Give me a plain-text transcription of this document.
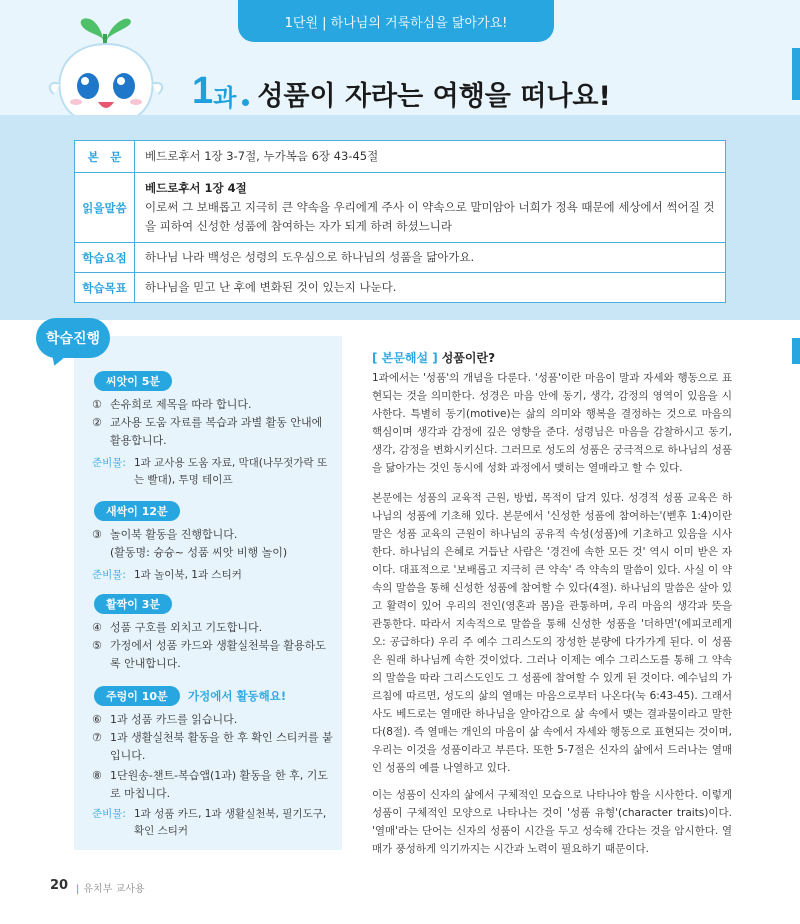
1단원 | 하나님의 거룩하심을 닮아가요!
1 과 성품이 자라는 여행을 떠나요!
본　문	베드로후서 1장 3-7절, 누가복음 6장 43-45절
읽을말씀	베드로후서 1장 4절
이로써 그 보배롭고 지극히 큰 약속을 우리에게 주사 이 약속으로 말미암아 너희가 정욕 때문에 세상에서 썩어질 것을 피하여 신성한 성품에 참여하는 자가 되게 하려 하셨느니라

학습요점	하나님 나라 백성은 성령의 도우심으로 하나님의 성품을 닮아가요.
학습목표	하나님을 믿고 난 후에 변화된 것이 있는지 나눈다.
학습진행
씨앗이 5분
① 손유희로 제목을 따라 합니다.
② 교사용 도움 자료를 복습과 과별 활동 안내에 활용합니다.
준비물: 1과 교사용 도움 자료, 막대(나무젓가락 또는 빨대), 투명 테이프
새싹이 12분
③ 놀이북 활동을 진행합니다.
(활동명: 슝슝~ 성품 씨앗 비행 놀이)
준비물: 1과 놀이북, 1과 스티커
활짝이 3분
④ 성품 구호를 외치고 기도합니다.
⑤ 가정에서 성품 카드와 생활실천북을 활용하도록 안내합니다.
주렁이 10분	가정에서 활동해요!
⑥ 1과 성품 카드를 읽습니다.
⑦ 1과 생활실천북 활동을 한 후 확인 스티커를 붙입니다.
⑧ 1단원송-챈트-복습앱(1과) 활동을 한 후, 기도로 마칩니다.
준비물: 1과 성품 카드, 1과 생활실천북, 필기도구, 확인 스티커
[ 본문해설 ] 성품이란?
1과에서는 '성품'의 개념을 다룬다. '성품'이란 마음이 말과 자세와 행동으로 표현되는 것을 의미한다. 성경은 마음 안에 동기, 생각, 감정의 영역이 있음을 시사한다. 특별히 동기(motive)는 삶의 의미와 행복을 결정하는 것으로 마음의 핵심이며 생각과 감정에 깊은 영향을 준다. 성령님은 마음을 감찰하시고 동기, 생각, 감정을 변화시키신다. 그러므로 성도의 성품은 궁극적으로 하나님의 성품을 닮아가는 것인 동시에 성화 과정에서 맺히는 열매라고 할 수 있다.
본문에는 성품의 교육적 근원, 방법, 목적이 담겨 있다. 성경적 성품 교육은 하나님의 성품에 기초해 있다. 본문에서 '신성한 성품에 참여하는'(벧후 1:4)이란 말은 성품 교육의 근원이 하나님의 공유적 속성(성품)에 기초하고 있음을 시사한다. 하나님의 은혜로 거듭난 사람은 '경건에 속한 모든 것' 역시 이미 받은 자이다. 대표적으로 '보배롭고 지극히 큰 약속' 즉 약속의 말씀이 있다. 사실 이 약속의 말씀을 통해 신성한 성품에 참여할 수 있다(4절). 하나님의 말씀은 살아 있고 활력이 있어 우리의 전인(영혼과 몸)을 관통하며, 우리 마음의 생각과 뜻을 관통한다. 따라서 지속적으로 말씀을 통해 신성한 성품을 '더하면'(에피코레게오: 공급하다) 우리 주 예수 그리스도의 장성한 분량에 다가가게 된다. 이 성품은 원래 하나님께 속한 것이었다. 그러나 이제는 예수 그리스도를 통해 그 약속의 말씀을 따라 그리스도인도 그 성품에 참여할 수 있게 된 것이다. 예수님의 가르침에 따르면, 성도의 삶의 열매는 마음으로부터 나온다(눅 6:43-45). 그래서 사도 베드로는 열매란 하나님을 알아감으로 삶 속에서 맺는 결과물이라고 말한다(8절). 즉 열매는 개인의 마음이 삶 속에서 자세와 행동으로 표현되는 것이며, 우리는 이것을 성품이라고 부른다. 또한 5-7절은 신자의 삶에서 드러나는 열매인 성품의 예를 나열하고 있다.
이는 성품이 신자의 삶에서 구체적인 모습으로 나타나야 함을 시사한다. 이렇게 성품이 구체적인 모양으로 나타나는 것이 '성품 유형'(character traits)이다. '열매'라는 단어는 신자의 성품이 시간을 두고 성숙해 간다는 것을 암시한다. 열매가 풍성하게 익기까지는 시간과 노력이 필요하기 때문이다.
20 | 유치부 교사용
